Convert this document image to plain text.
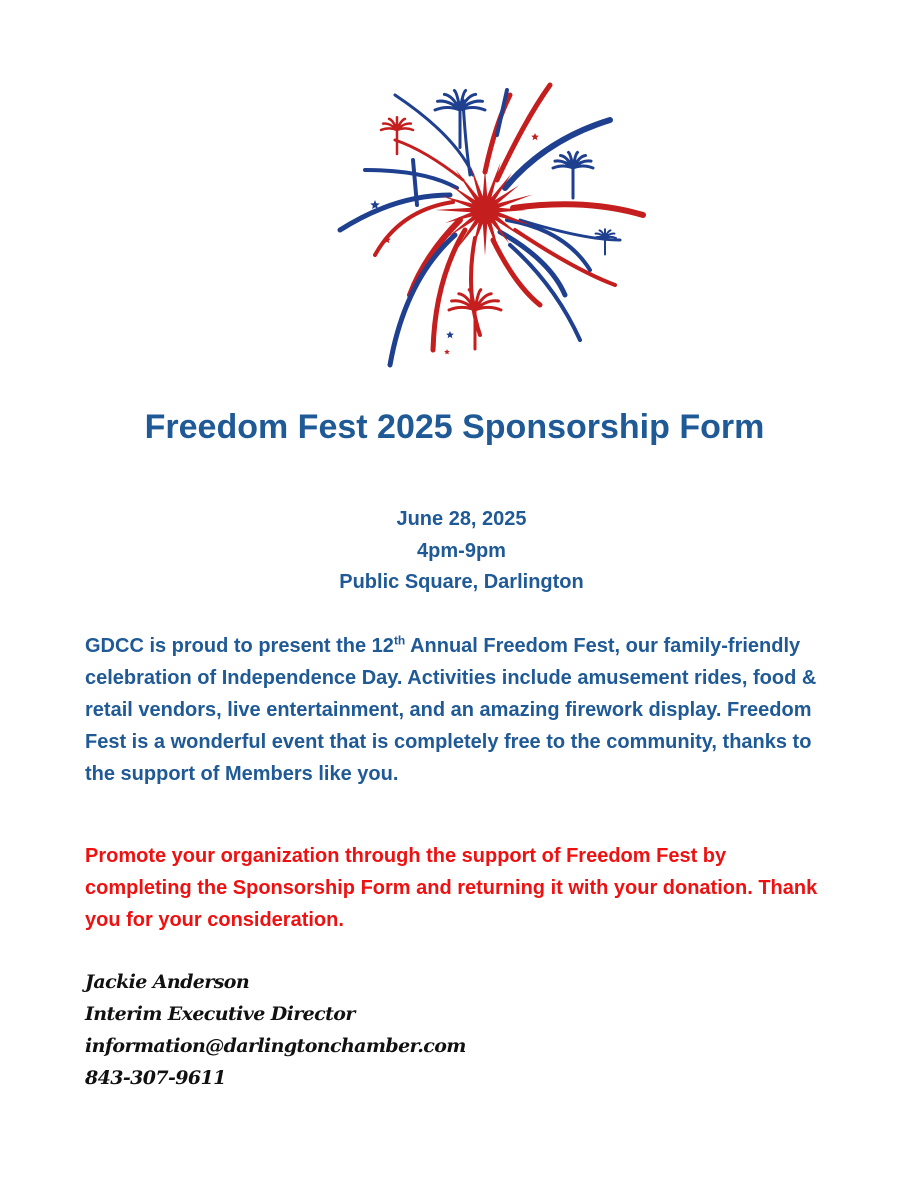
Freedom Fest 2025 Sponsorship Form
June 28, 2025
4pm-9pm
Public Square, Darlington

GDCC is proud to present the 12th Annual Freedom Fest, our family-friendly celebration of Independence Day. Activities include amusement rides, food & retail vendors, live entertainment, and an amazing firework display. Freedom Fest is a wonderful event that is completely free to the community, thanks to the support of Members like you.

Promote your organization through the support of Freedom Fest by completing the Sponsorship Form and returning it with your donation. Thank you for your consideration.

Jackie Anderson
Interim Executive Director
information@darlingtonchamber.com
843-307-9611
